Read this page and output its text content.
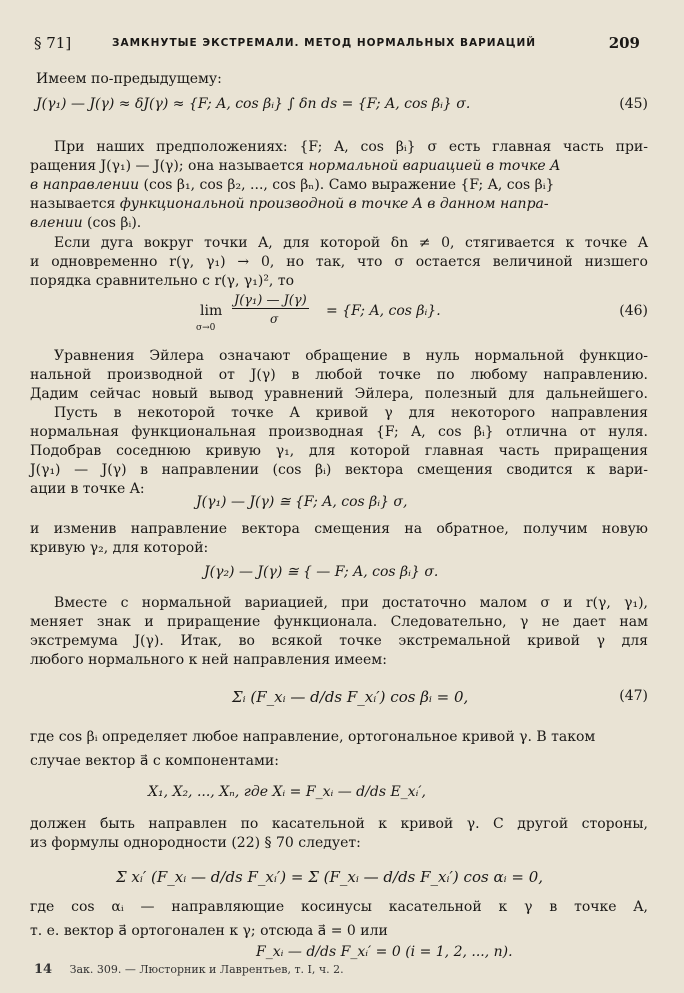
§ 71]	ЗАМКНУТЫЕ ЭКСТРЕМАЛИ. МЕТОД НОРМАЛЬНЫХ ВАРИАЦИЙ	209
Имеем по-предыдущему:
J(γ₁) — J(γ) ≈ δJ(γ) ≈ {F; A, cos βᵢ} ∫ δn ds = {F; A, cos βᵢ} σ.	(45)
При наших предположениях: {F; A, cos βᵢ} σ есть главная часть при-
ращения J(γ₁) — J(γ); она называется нормальной вариацией в точке A
в направлении (cos β₁, cos β₂, ..., cos βₙ). Само выражение {F; A, cos βᵢ}
называется функциональной производной в точке A в данном напра-
влении (cos βᵢ).
Если дуга вокруг точки A, для которой δn ≠ 0, стягивается к точке A
и одновременно r(γ, γ₁) → 0, но так, что σ остается величиной низшего
порядка сравнительно с r(γ, γ₁)², то
lim
σ→0
J(γ₁) — J(γ)
σ	= {F; A, cos βᵢ}.	(46)
Уравнения Эйлера означают обращение в нуль нормальной функцио-
нальной производной от J(γ) в любой точке по любому направлению.
Дадим сейчас новый вывод уравнений Эйлера, полезный для дальнейшего.
Пусть в некоторой точке A кривой γ для некоторого направления
нормальная функциональная производная {F; A, cos βᵢ} отлична от нуля.
Подобрав соседнюю кривую γ₁, для которой главная часть приращения
J(γ₁) — J(γ) в направлении (cos βᵢ) вектора смещения сводится к вари-
ации в точке A:
J(γ₁) — J(γ) ≅ {F; A, cos βᵢ} σ,
и изменив направление вектора смещения на обратное, получим новую
кривую γ₂, для которой:
J(γ₂) — J(γ) ≅ { — F; A, cos βᵢ} σ.
Вместе с нормальной вариацией, при достаточно малом σ и r(γ, γ₁),
меняет знак и приращение функционала. Следовательно, γ не дает нам
экстремума J(γ). Итак, во всякой точке экстремальной кривой γ для
любого нормального к ней направления имеем:
Σᵢ (F_xᵢ — d/ds F_xᵢ′) cos βᵢ = 0,	(47)
где cos βᵢ определяет любое направление, ортогональное кривой γ. В таком
случае вектор a⃗ с компонентами:
X₁, X₂, ..., Xₙ, где Xᵢ = F_xᵢ — d/ds E_xᵢ′,
должен быть направлен по касательной к кривой γ. С другой стороны,
из формулы однородности (22) § 70 следует:
Σ xᵢ′ (F_xᵢ — d/ds F_xᵢ′) = Σ (F_xᵢ — d/ds F_xᵢ′) cos αᵢ = 0,
где cos αᵢ — направляющие косинусы касательной к γ в точке A,
т. е. вектор a⃗ ортогонален к γ; отсюда a⃗ = 0 или
F_xᵢ — d/ds F_xᵢ′ = 0 (i = 1, 2, ..., n).
14 Зак. 309. — Люсторник и Лаврентьев, т. I, ч. 2.
